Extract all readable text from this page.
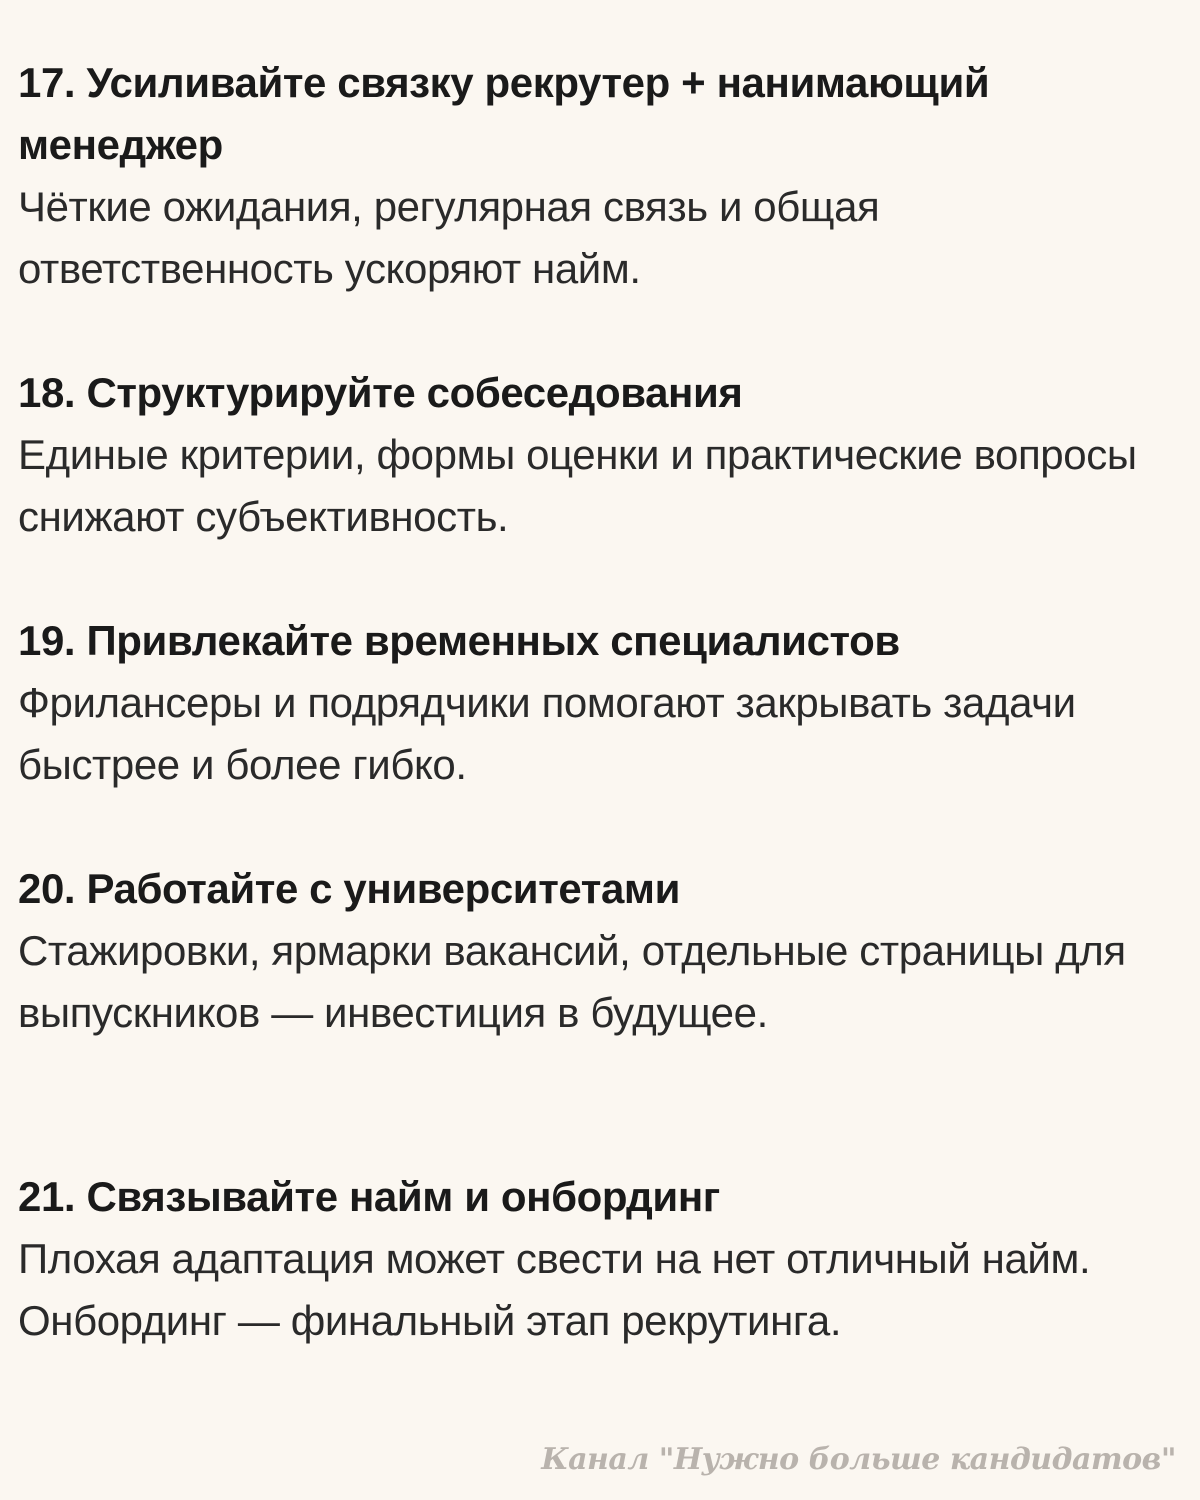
17. Усиливайте связку рекрутер + нанимающий менеджер

Чёткие ожидания, регулярная связь и общая ответственность ускоряют найм.

18. Структурируйте собеседования

Единые критерии, формы оценки и практические вопросы снижают субъективность.

19. Привлекайте временных специалистов

Фрилансеры и подрядчики помогают закрывать задачи быстрее и более гибко.

20. Работайте с университетами

Стажировки, ярмарки вакансий, отдельные страницы для выпускников — инвестиция в будущее.

21. Связывайте найм и онбординг

Плохая адаптация может свести на нет отличный найм. Онбординг — финальный этап рекрутинга.

Канал "Нужно больше кандидатов"
